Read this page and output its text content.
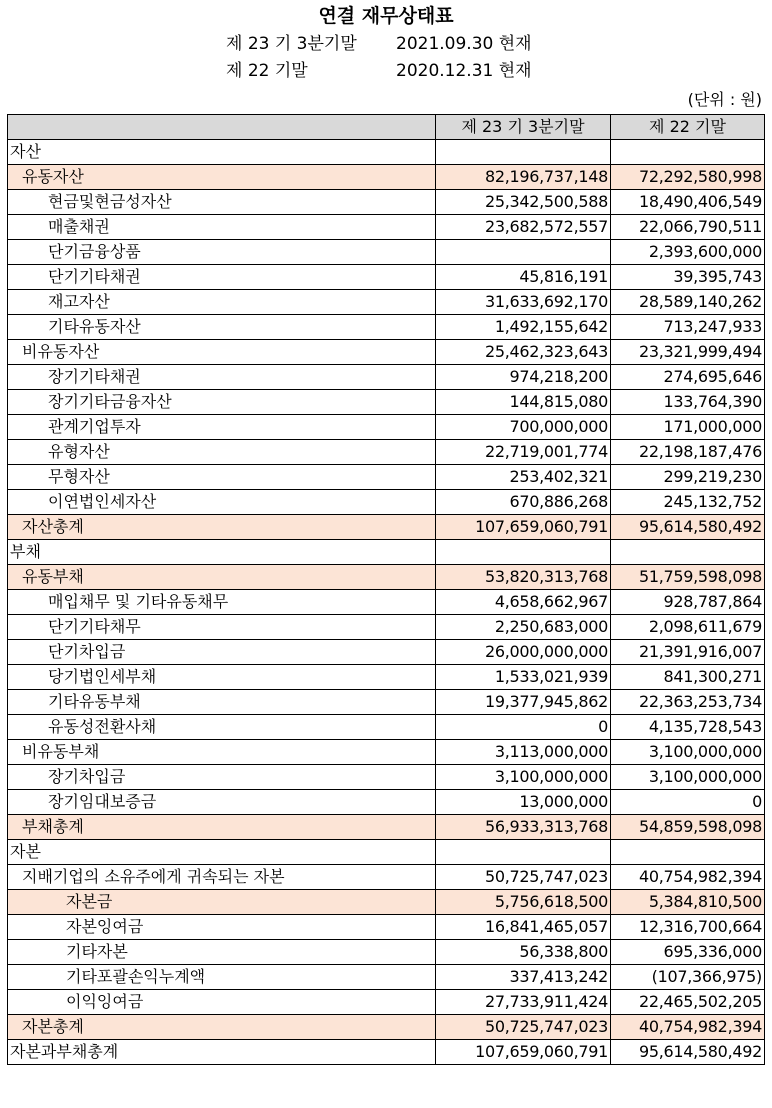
연결 재무상태표
제 23 기 3분기말 2021.09.30 현재
제 22 기말	2020.12.31 현재
(단위 : 원)
	제 23 기 3분기말	제 22 기말
자산		
유동자산	82,196,737,148	72,292,580,998
현금및현금성자산	25,342,500,588	18,490,406,549
매출채권	23,682,572,557	22,066,790,511
단기금융상품		2,393,600,000
단기기타채권	45,816,191	39,395,743
재고자산	31,633,692,170	28,589,140,262
기타유동자산	1,492,155,642	713,247,933
비유동자산	25,462,323,643	23,321,999,494
장기기타채권	974,218,200	274,695,646
장기기타금융자산	144,815,080	133,764,390
관계기업투자	700,000,000	171,000,000
유형자산	22,719,001,774	22,198,187,476
무형자산	253,402,321	299,219,230
이연법인세자산	670,886,268	245,132,752
자산총계	107,659,060,791	95,614,580,492
부채		
유동부채	53,820,313,768	51,759,598,098
매입채무 및 기타유동채무	4,658,662,967	928,787,864
단기기타채무	2,250,683,000	2,098,611,679
단기차입금	26,000,000,000	21,391,916,007
당기법인세부채	1,533,021,939	841,300,271
기타유동부채	19,377,945,862	22,363,253,734
유동성전환사채	0	4,135,728,543
비유동부채	3,113,000,000	3,100,000,000
장기차입금	3,100,000,000	3,100,000,000
장기임대보증금	13,000,000	0
부채총계	56,933,313,768	54,859,598,098
자본		
지배기업의 소유주에게 귀속되는 자본	50,725,747,023	40,754,982,394
자본금	5,756,618,500	5,384,810,500
자본잉여금	16,841,465,057	12,316,700,664
기타자본	56,338,800	695,336,000
기타포괄손익누계액	337,413,242	(107,366,975)
이익잉여금	27,733,911,424	22,465,502,205
자본총계	50,725,747,023	40,754,982,394
자본과부채총계	107,659,060,791	95,614,580,492
